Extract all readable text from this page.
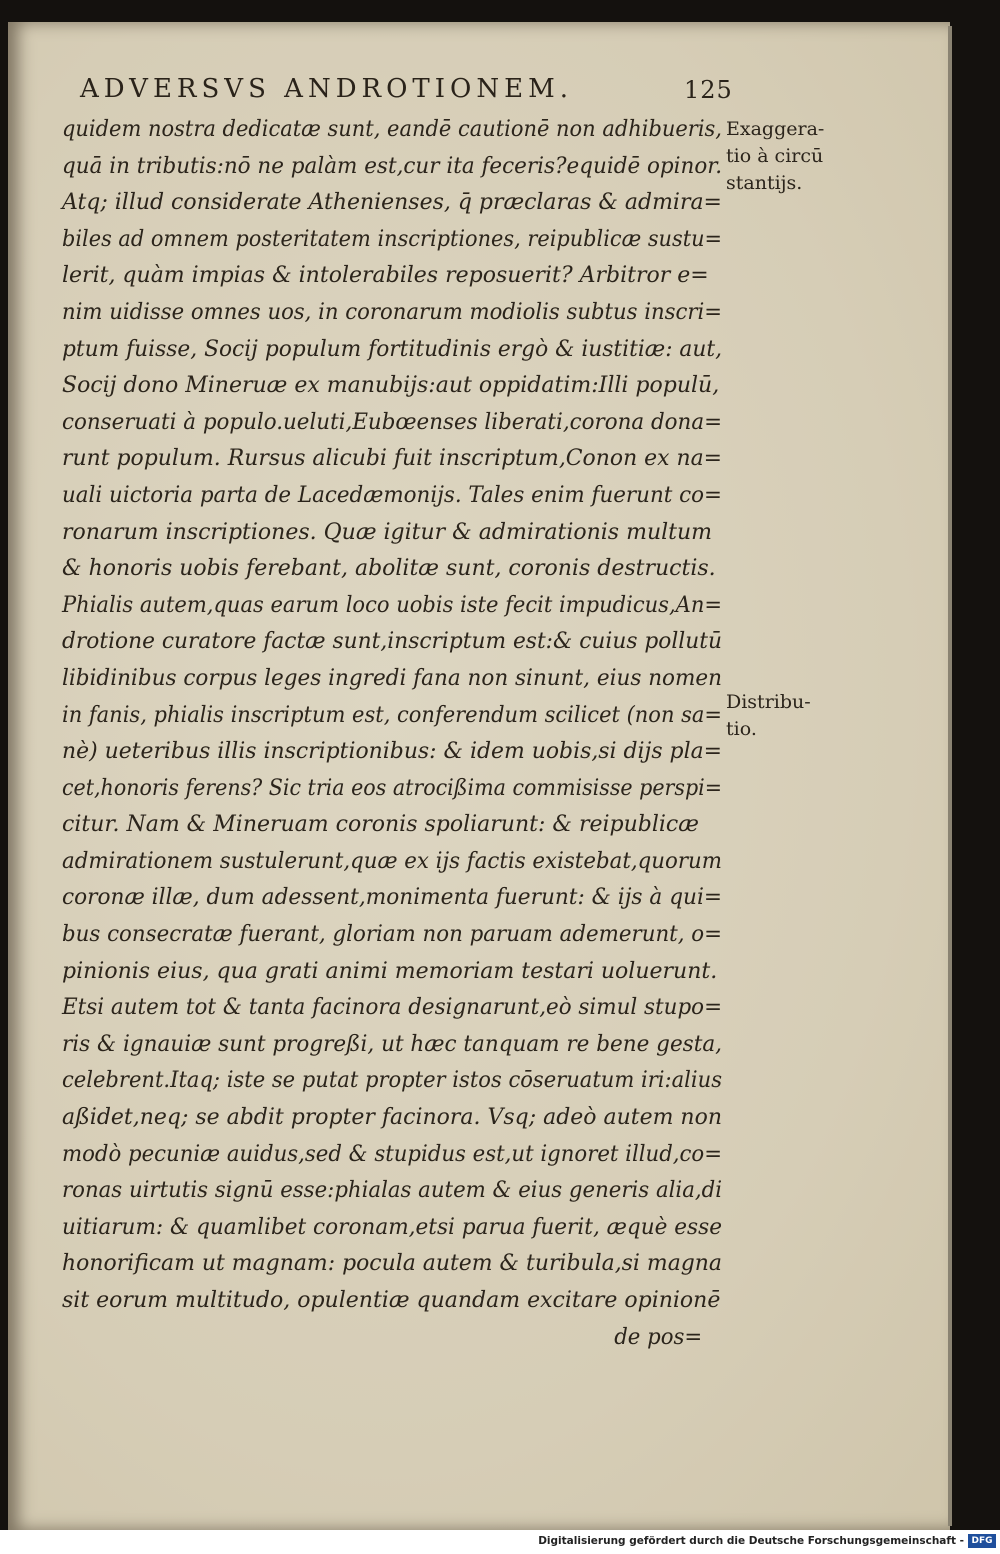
ADVERSVS ANDROTIONEM.	125
quidem nostra dedicatæ sunt, eandē cautionē non adhibueris,
quā in tributis:nō ne palàm est,cur ita feceris?equidē opinor.
Atq; illud considerate Athenienses, q̄ præclaras & admira=
biles ad omnem posteritatem inscriptiones, reipublicæ sustu=
lerit, quàm impias & intolerabiles reposuerit? Arbitror e=
nim uidisse omnes uos, in coronarum modiolis subtus inscri=
ptum fuisse, Socij populum fortitudinis ergò & iustitiæ: aut,
Socij dono Mineruæ ex manubijs:aut oppidatim:Illi populū,
conseruati à populo.ueluti,Eubœenses liberati,corona dona=
runt populum. Rursus alicubi fuit inscriptum,Conon ex na=
uali uictoria parta de Lacedæmonijs. Tales enim fuerunt co=
ronarum inscriptiones. Quæ igitur & admirationis multum
& honoris uobis ferebant, abolitæ sunt, coronis destructis.
Phialis autem,quas earum loco uobis iste fecit impudicus,An=
drotione curatore factæ sunt,inscriptum est:& cuius pollutū
libidinibus corpus leges ingredi fana non sinunt, eius nomen
in fanis, phialis inscriptum est, conferendum scilicet (non sa=
nè) ueteribus illis inscriptionibus: & idem uobis,si dijs pla=
cet,honoris ferens? Sic tria eos atrocißima commisisse perspi=
citur. Nam & Mineruam coronis spoliarunt: & reipublicæ
admirationem sustulerunt,quæ ex ijs factis existebat,quorum
coronæ illæ, dum adessent,monimenta fuerunt: & ijs à qui=
bus consecratæ fuerant, gloriam non paruam ademerunt, o=
pinionis eius, qua grati animi memoriam testari uoluerunt.
Etsi autem tot & tanta facinora designarunt,eò simul stupo=
ris & ignauiæ sunt progreßi, ut hæc tanquam re bene gesta,
celebrent.Itaq; iste se putat propter istos cōseruatum iri:alius
aßidet,neq; se abdit propter facinora. Vsq; adeò autem non
modò pecuniæ auidus,sed & stupidus est,ut ignoret illud,co=
ronas uirtutis signū esse:phialas autem & eius generis alia,di
uitiarum: & quamlibet coronam,etsi parua fuerit, æquè esse
honorificam ut magnam: pocula autem & turibula,si magna
sit eorum multitudo, opulentiæ quandam excitare opinionē
de pos=
Exaggera-
tio à circū
stantijs.
Distribu-
tio.
Digitalisierung gefördert durch die Deutsche Forschungsgemeinschaft - DFG
